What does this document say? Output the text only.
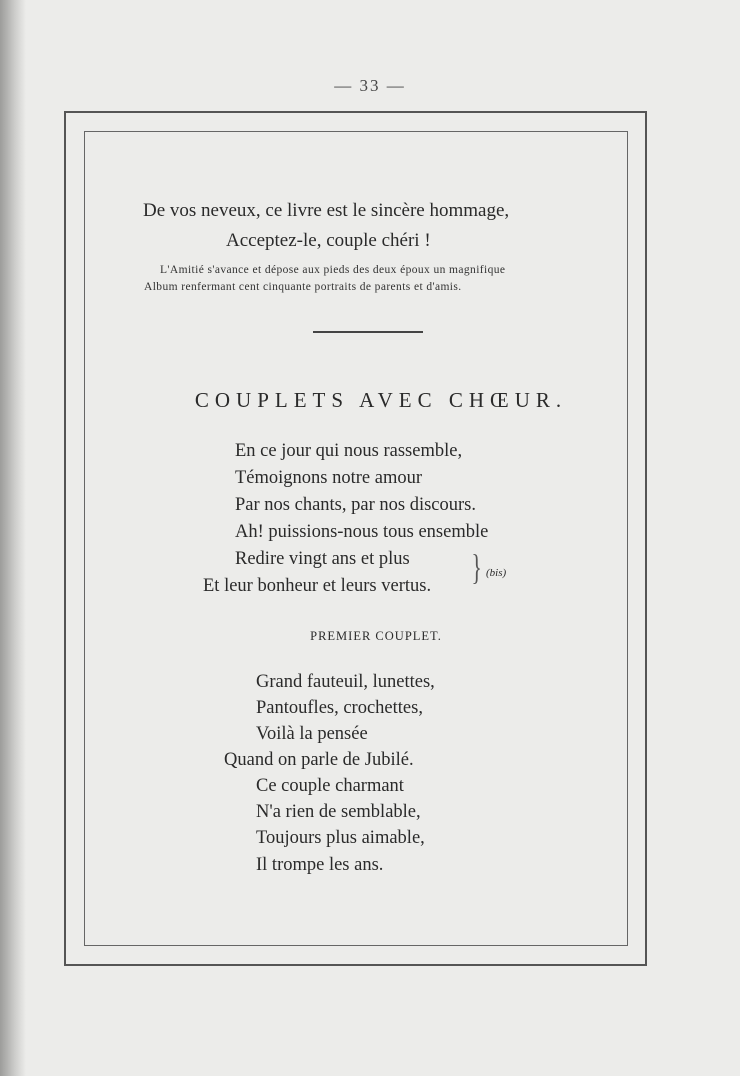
— 33 —
De vos neveux, ce livre est le sincère hommage,
Acceptez-le, couple chéri !
L'Amitié s'avance et dépose aux pieds des deux époux un magnifique
Album renfermant cent cinquante portraits de parents et d'amis.
COUPLETS AVEC CHŒUR.
En ce jour qui nous rassemble,
Témoignons notre amour
Par nos chants, par nos discours.
Ah! puissions-nous tous ensemble
Redire vingt ans et plus
Et leur bonheur et leurs vertus. } (bis)
PREMIER COUPLET.
Grand fauteuil, lunettes,
Pantoufles, crochettes,
Voilà la pensée
Quand on parle de Jubilé.
Ce couple charmant
N'a rien de semblable,
Toujours plus aimable,
Il trompe les ans.
